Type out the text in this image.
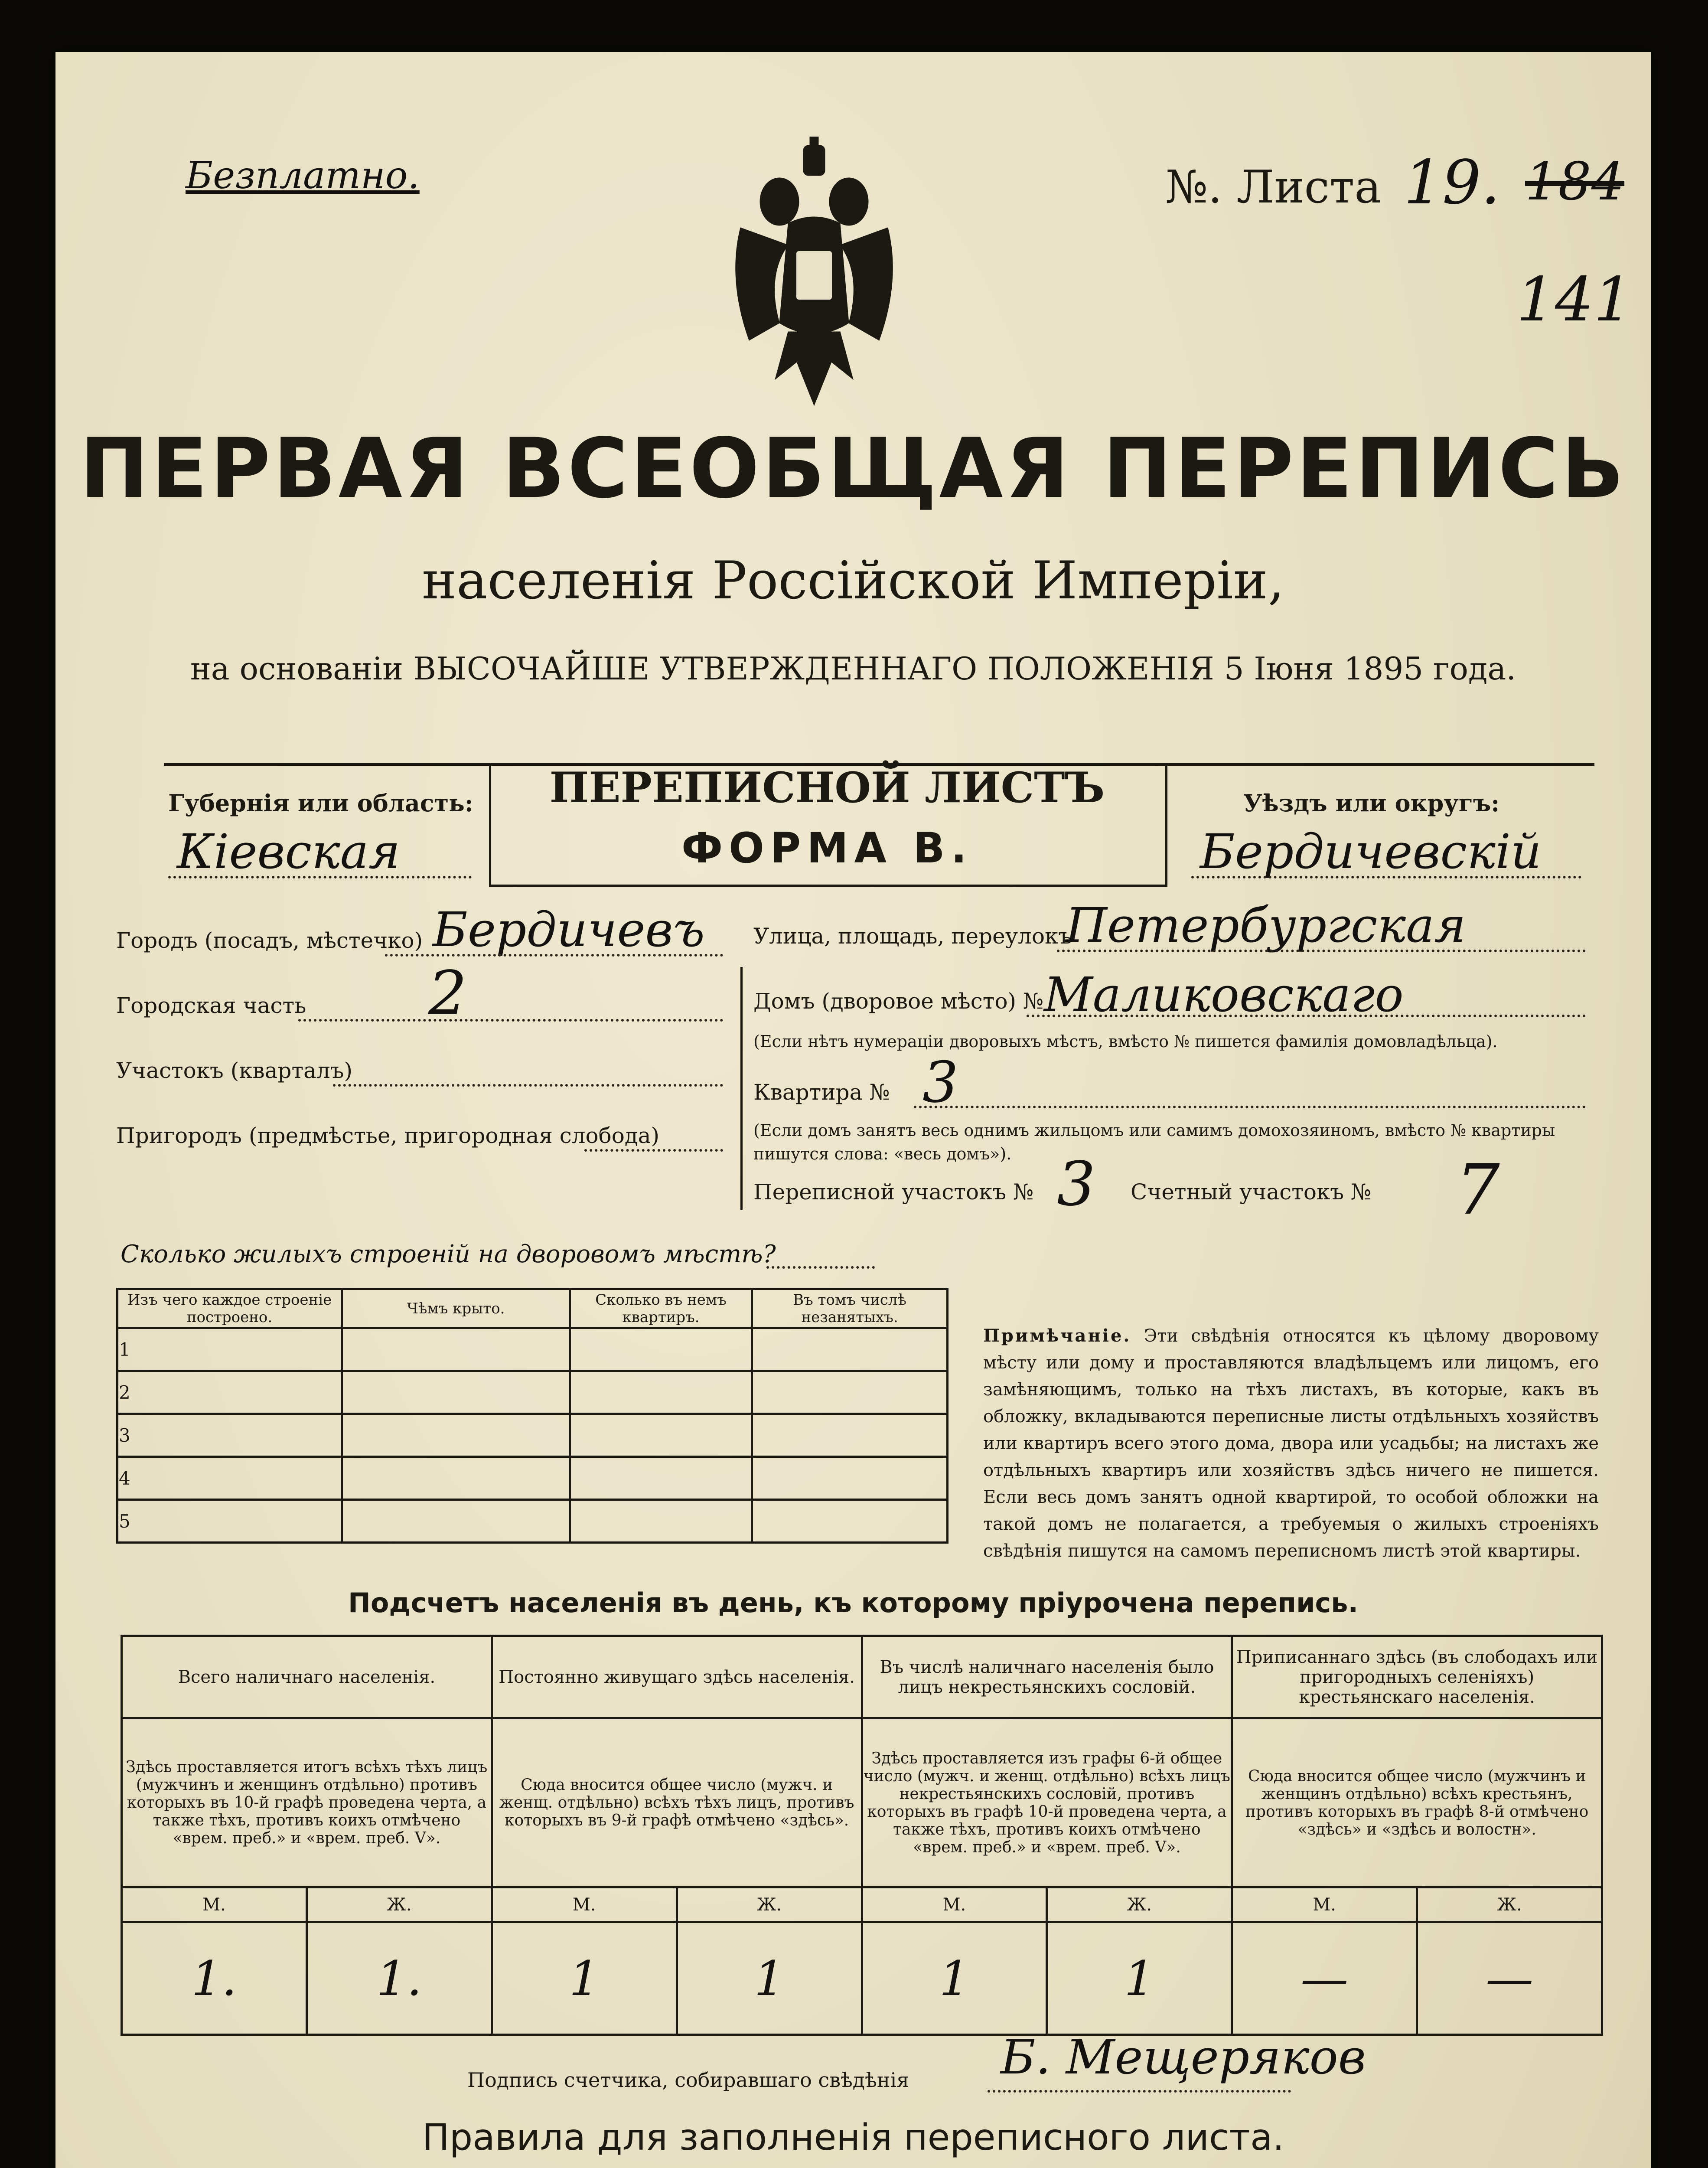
Безплатно.	№. Листа 19. 184
141
ПЕРВАЯ ВСЕОБЩАЯ ПЕРЕПИСЬ
населенія Россійской Имперіи,
на основаніи ВЫСОЧАЙШЕ УТВЕРЖДЕННАГО ПОЛОЖЕНІЯ 5 Іюня 1895 года.
Губернія или область:
Кіевская
ПЕРЕПИСНОЙ ЛИСТЪ
ФОРМА В.
Уѣздъ или округъ:
Бердичевскій
Городъ (посадъ, мѣстечко) Бердичевъ
Городская часть 2
Участокъ (кварталъ)
Пригородъ (предмѣстье, пригородная слобода)
Улица, площадь, переулокъ
Петербургская
Домъ (дворовое мѣсто) № Маликовскаго
(Если нѣтъ нумераціи дворовыхъ мѣстъ, вмѣсто № пишется фамилія домовладѣльца).
Квартира № 3
(Если домъ занятъ весь однимъ жильцомъ или самимъ домохозяиномъ, вмѣсто № квартиры пишутся слова: «весь домъ»).
Переписной участокъ № 3 Счетный участокъ № 7
Сколько жилыхъ строеній на дворовомъ мѣстѣ?
Изъ чего каждое строеніе построено.	Чѣмъ крыто.	Сколько въ немъ квартиръ.	Въ томъ числѣ незанятыхъ.
1			
2			
3			
4			
5			
Примѣчаніе. Эти свѣдѣнія относятся къ цѣлому дворовому мѣсту или дому и проставляются владѣльцемъ или лицомъ, его замѣняющимъ, только на тѣхъ листахъ, въ которые, какъ въ обложку, вкладываются переписные листы отдѣльныхъ хозяйствъ или квартиръ всего этого дома, двора или усадьбы; на листахъ же отдѣльныхъ квартиръ или хозяйствъ здѣсь ничего не пишется. Если весь домъ занятъ одной квартирой, то особой обложки на такой домъ не полагается, а требуемыя о жилыхъ строеніяхъ свѣдѣнія пишутся на самомъ переписномъ листѣ этой квартиры.
Подсчетъ населенія въ день, къ которому пріурочена перепись.
Всего наличнаго населенія.		Постоянно живущаго здѣсь населенія.		Въ числѣ наличнаго населенія было лицъ некрестьянскихъ сословій.		Приписаннаго здѣсь (въ слободахъ или пригородныхъ селеніяхъ) крестьянскаго населенія.	
Здѣсь проставляется итогъ всѣхъ тѣхъ лицъ (мужчинъ и женщинъ отдѣльно) противъ которыхъ въ 10-й графѣ проведена черта, а также тѣхъ, противъ коихъ отмѣчено «врем. преб.» и «врем. преб. V».		Сюда вносится общее число (мужч. и женщ. отдѣльно) всѣхъ тѣхъ лицъ, противъ которыхъ въ 9-й графѣ отмѣчено «здѣсь».		Здѣсь проставляется изъ графы 6-й общее число (мужч. и женщ. отдѣльно) всѣхъ лицъ некрестьянскихъ сословій, противъ которыхъ въ графѣ 10-й проведена черта, а также тѣхъ, противъ коихъ отмѣчено «врем. преб.» и «врем. преб. V».		Сюда вносится общее число (мужчинъ и женщинъ отдѣльно) всѣхъ крестьянъ, противъ которыхъ въ графѣ 8-й отмѣчено «здѣсь» и «здѣсь и волостн».	
М.	Ж.	М.	Ж.	М.	Ж.	М.	Ж.
1.	1.	1	1	1	1	—	—
Подпись счетчика, собиравшаго свѣдѣнія Б. Мещеряков
Правила для заполненія переписного листа.
